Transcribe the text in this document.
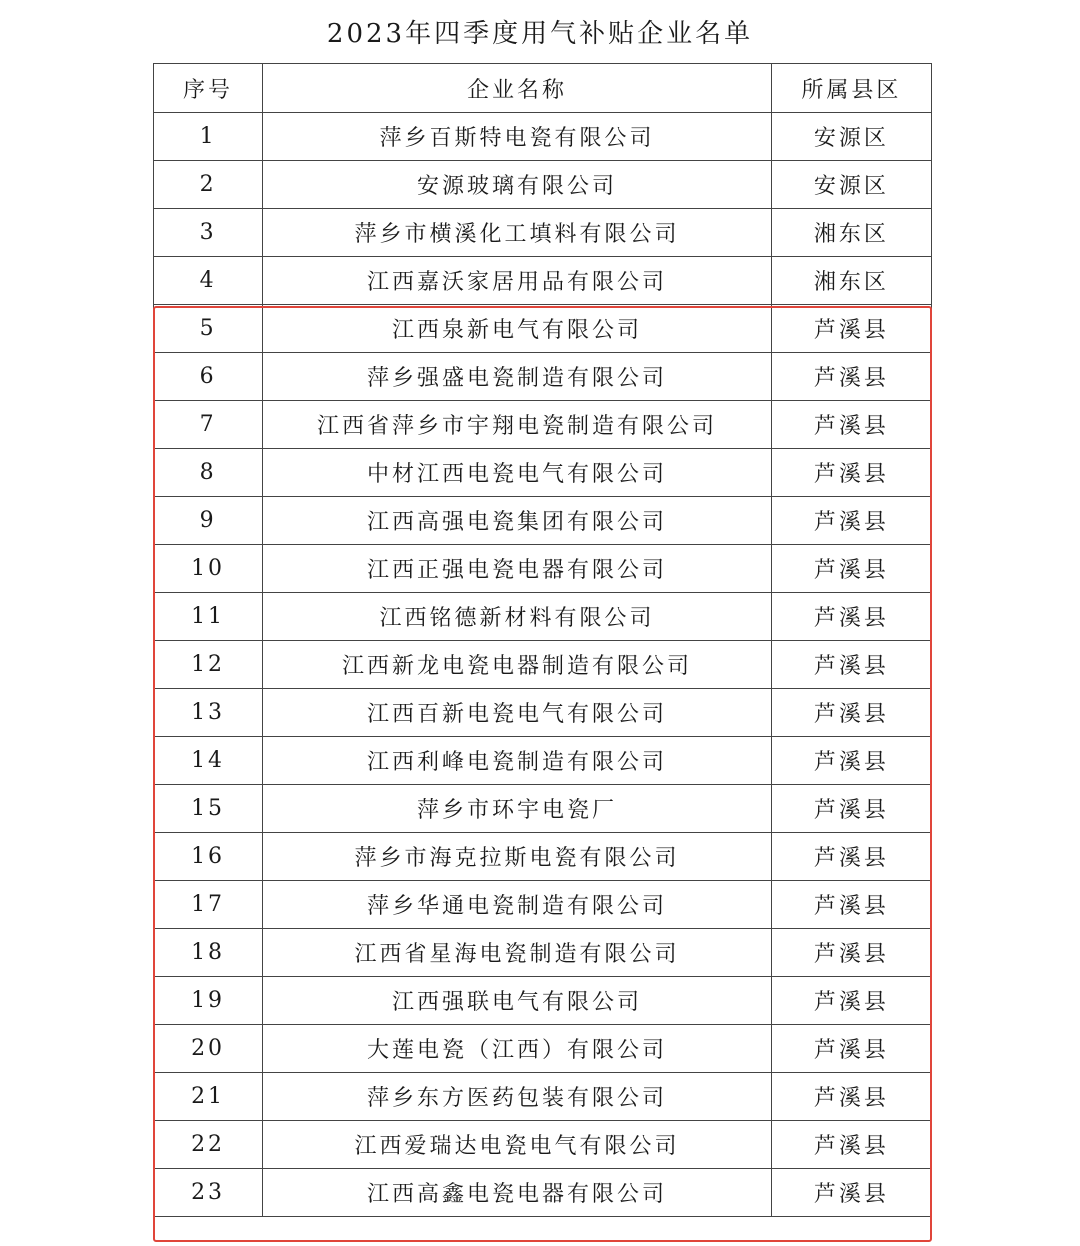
2023年四季度用气补贴企业名单
序号	企业名称	所属县区
1	萍乡百斯特电瓷有限公司	安源区
2	安源玻璃有限公司	安源区
3	萍乡市横溪化工填料有限公司	湘东区
4	江西嘉沃家居用品有限公司	湘东区
5	江西泉新电气有限公司	芦溪县
6	萍乡强盛电瓷制造有限公司	芦溪县
7	江西省萍乡市宇翔电瓷制造有限公司	芦溪县
8	中材江西电瓷电气有限公司	芦溪县
9	江西高强电瓷集团有限公司	芦溪县
10	江西正强电瓷电器有限公司	芦溪县
11	江西铭德新材料有限公司	芦溪县
12	江西新龙电瓷电器制造有限公司	芦溪县
13	江西百新电瓷电气有限公司	芦溪县
14	江西利峰电瓷制造有限公司	芦溪县
15	萍乡市环宇电瓷厂	芦溪县
16	萍乡市海克拉斯电瓷有限公司	芦溪县
17	萍乡华通电瓷制造有限公司	芦溪县
18	江西省星海电瓷制造有限公司	芦溪县
19	江西强联电气有限公司	芦溪县
20	大莲电瓷（江西）有限公司	芦溪县
21	萍乡东方医药包装有限公司	芦溪县
22	江西爱瑞达电瓷电气有限公司	芦溪县
23	江西高鑫电瓷电器有限公司	芦溪县
